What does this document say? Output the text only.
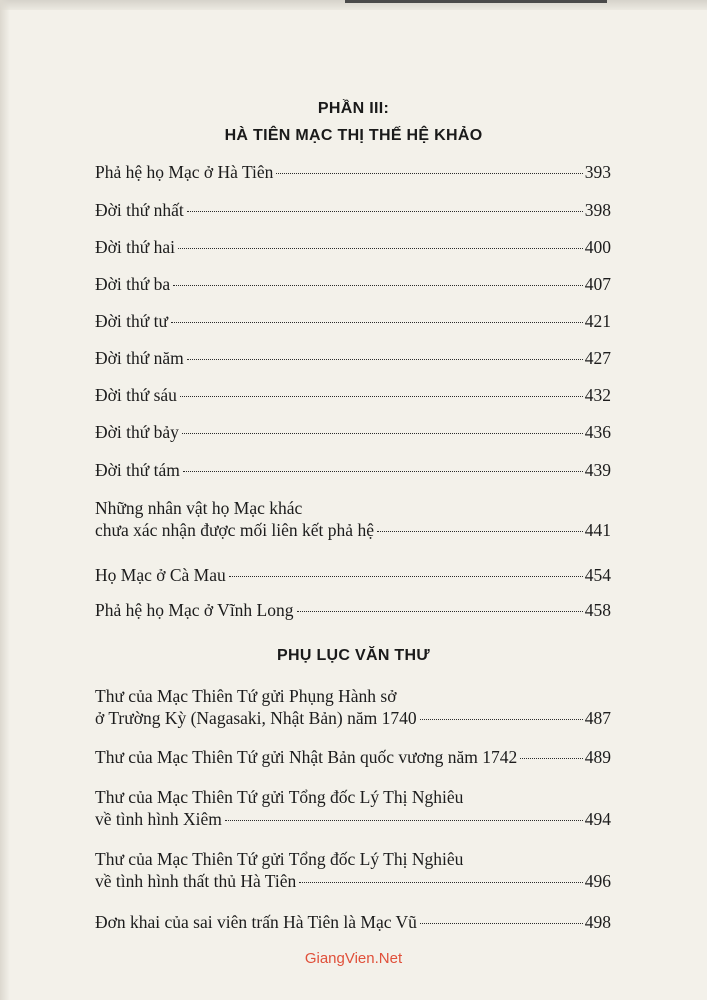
PHẦN III:
HÀ TIÊN MẠC THỊ THẾ HỆ KHẢO
Phả hệ họ Mạc ở Hà Tiên	393
Đời thứ nhất	398
Đời thứ hai	400
Đời thứ ba	407
Đời thứ tư	421
Đời thứ năm	427
Đời thứ sáu	432
Đời thứ bảy	436
Đời thứ tám	439
Những nhân vật họ Mạc khác
chưa xác nhận được mối liên kết phả hệ	441
Họ Mạc ở Cà Mau	454
Phả hệ họ Mạc ở Vĩnh Long	458
PHỤ LỤC VĂN THƯ
Thư của Mạc Thiên Tứ gửi Phụng Hành sở
ở Trường Kỳ (Nagasaki, Nhật Bản) năm 1740	487
Thư của Mạc Thiên Tứ gửi Nhật Bản quốc vương năm 1742	489
Thư của Mạc Thiên Tứ gửi Tổng đốc Lý Thị Nghiêu
về tình hình Xiêm	494
Thư của Mạc Thiên Tứ gửi Tổng đốc Lý Thị Nghiêu
về tình hình thất thủ Hà Tiên	496
Đơn khai của sai viên trấn Hà Tiên là Mạc Vũ	498
GiangVien.Net
